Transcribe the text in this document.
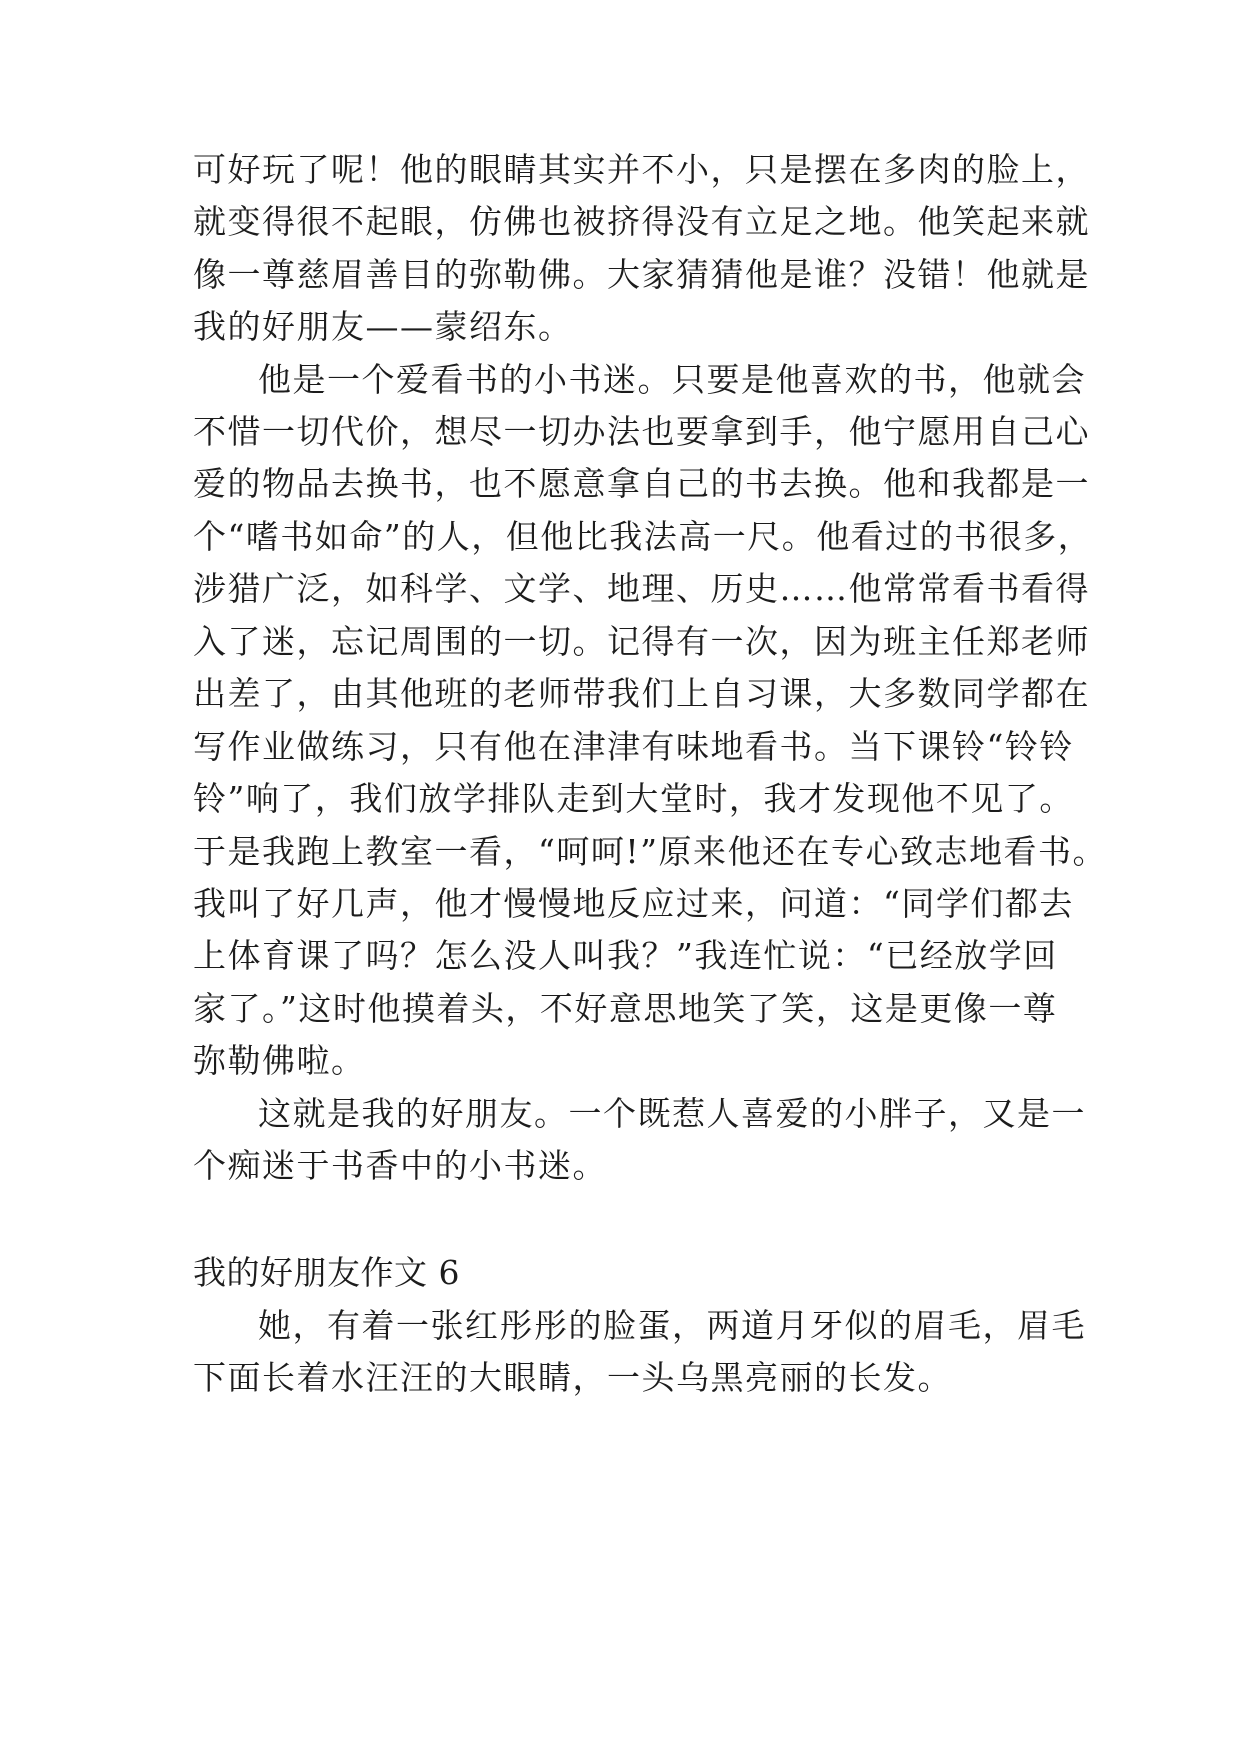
可好玩了呢！他的眼睛其实并不小，只是摆在多肉的脸上，
就变得很不起眼，仿佛也被挤得没有立足之地。他笑起来就
像一尊慈眉善目的弥勒佛。大家猜猜他是谁？没错！他就是
我的好朋友——蒙绍东。
他是一个爱看书的小书迷。只要是他喜欢的书，他就会
不惜一切代价，想尽一切办法也要拿到手，他宁愿用自己心
爱的物品去换书，也不愿意拿自己的书去换。他和我都是一
个“嗜书如命”的人，但他比我法高一尺。他看过的书很多，
涉猎广泛，如科学、文学、地理、历史……他常常看书看得
入了迷，忘记周围的一切。记得有一次，因为班主任郑老师
出差了，由其他班的老师带我们上自习课，大多数同学都在
写作业做练习，只有他在津津有味地看书。当下课铃“铃铃
铃”响了，我们放学排队走到大堂时，我才发现他不见了。
于是我跑上教室一看，“呵呵!”原来他还在专心致志地看书。
我叫了好几声，他才慢慢地反应过来，问道：“同学们都去
上体育课了吗？怎么没人叫我？”我连忙说：“已经放学回
家了。”这时他摸着头，不好意思地笑了笑，这是更像一尊
弥勒佛啦。
这就是我的好朋友。一个既惹人喜爱的小胖子，又是一
个痴迷于书香中的小书迷。
我的好朋友作文 6
她，有着一张红彤彤的脸蛋，两道月牙似的眉毛，眉毛
下面长着水汪汪的大眼睛，一头乌黑亮丽的长发。
